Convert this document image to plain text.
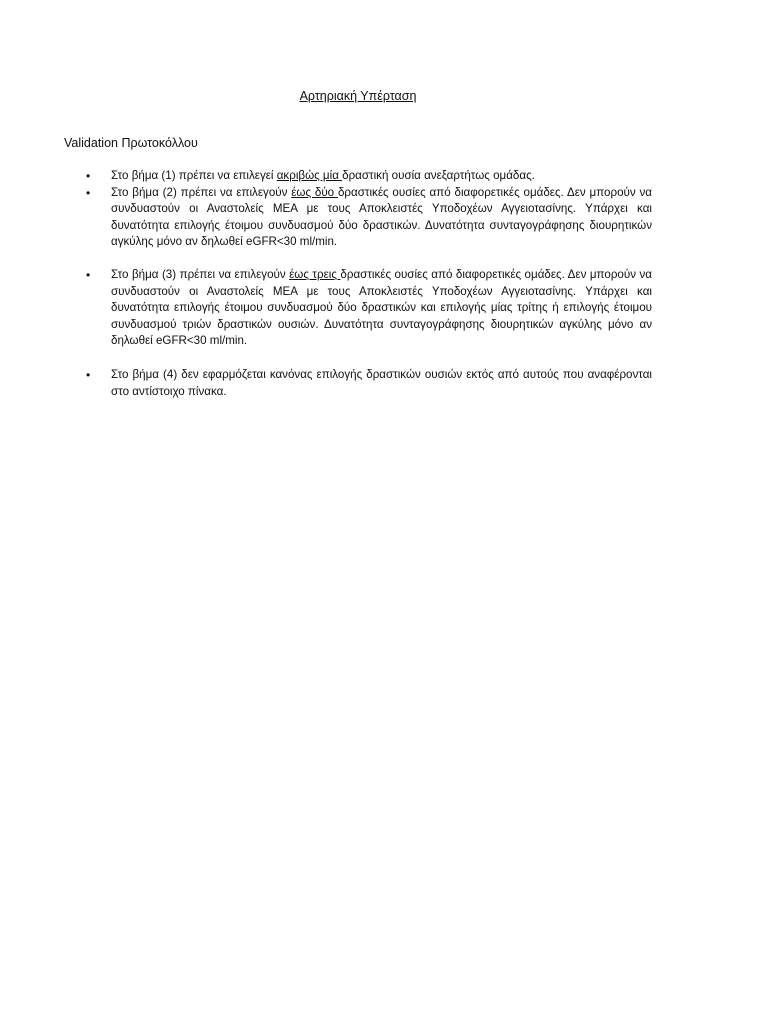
Αρτηριακή Υπέρταση
Validation Πρωτοκόλλου
• Στο βήμα (1) πρέπει να επιλεγεί ακριβώς μία δραστική ουσία ανεξαρτήτως ομάδας.
• Στο βήμα (2) πρέπει να επιλεγούν έως δύο δραστικές ουσίες από διαφορετικές ομάδες. Δεν μπορούν να συνδυαστούν οι Αναστολείς ΜΕΑ με τους Αποκλειστές Υποδοχέων Αγγειοτασίνης. Υπάρχει και δυνατότητα επιλογής έτοιμου συνδυασμού δύο δραστικών. Δυνατότητα συνταγογράφησης διουρητικών αγκύλης μόνο αν δηλωθεί eGFR<30 ml/min.
• Στο βήμα (3) πρέπει να επιλεγούν έως τρεις δραστικές ουσίες από διαφορετικές ομάδες. Δεν μπορούν να συνδυαστούν οι Αναστολείς ΜΕΑ με τους Αποκλειστές Υποδοχέων Αγγειοτασίνης. Υπάρχει και δυνατότητα επιλογής έτοιμου συνδυασμού δύο δραστικών και επιλογής μίας τρίτης ή επιλογής έτοιμου συνδυασμού τριών δραστικών ουσιών. Δυνατότητα συνταγογράφησης διουρητικών αγκύλης μόνο αν δηλωθεί eGFR<30 ml/min.
• Στο βήμα (4) δεν εφαρμόζεται κανόνας επιλογής δραστικών ουσιών εκτός από αυτούς που αναφέρονται στο αντίστοιχο πίνακα.
